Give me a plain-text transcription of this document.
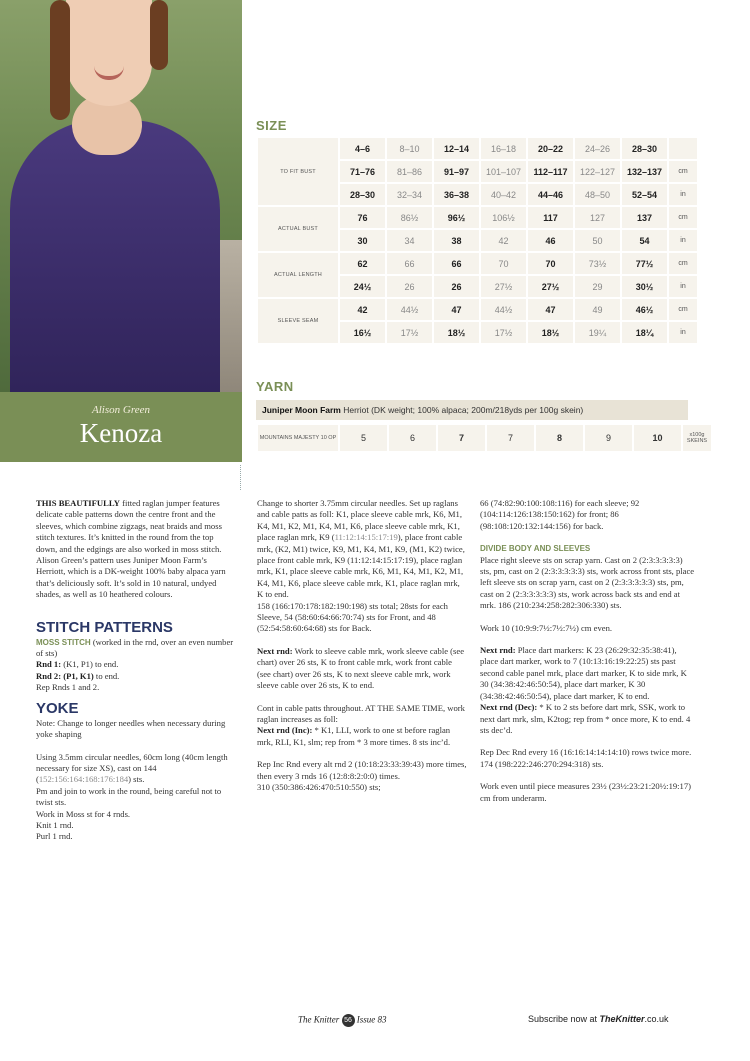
Alison Green
Kenoza
SIZE
TO FIT BUST	4–6	8–10	12–14	16–18	20–22	24–26	28–30	
	71–76	81–86	91–97	101–107	112–117	122–127	132–137	cm
	28–30	32–34	36–38	40–42	44–46	48–50	52–54	in
ACTUAL BUST	76	86½	96½	106½	117	127	137	cm
	30	34	38	42	46	50	54	in
ACTUAL LENGTH	62	66	66	70	70	73½	77½	cm
	24½	26	26	27½	27½	29	30½	in
SLEEVE SEAM	42	44½	47	44½	47	49	46½	cm
	16½	17½	18½	17½	18½	19¼	18¼	in
YARN
Juniper Moon Farm Herriot (DK weight; 100% alpaca; 200m/218yds per 100g skein)
MOUNTAINS MAJESTY 10 OP	5	6	7	7	8	9	10	x100g SKEINS

THIS BEAUTIFULLY fitted raglan jumper features delicate cable patterns down the centre front and the sleeves, which combine zigzags, neat braids and moss stitch textures. It’s knitted in the round from the top down, and the edgings are also worked in moss stitch. Alison Green’s pattern uses Juniper Moon Farm’s Herriott, which is a DK-weight 100% baby alpaca yarn that’s deliciously soft. It’s sold in 10 natural, undyed shades, as well as 10 heathered colours.

STITCH PATTERNS

MOSS STITCH (worked in the rnd, over an even number of sts)

Rnd 1: (K1, P1) to end.

Rnd 2: (P1, K1) to end.

Rep Rnds 1 and 2.

YOKE

Note: Change to longer needles when necessary during yoke shaping

Using 3.5mm circular needles, 60cm long (40cm length necessary for size XS), cast on 144 (152:156:164:168:176:184) sts.

Pm and join to work in the round, being careful not to twist sts.

Work in Moss st for 4 rnds.

Knit 1 rnd.

Purl 1 rnd.

Change to shorter 3.75mm circular needles. Set up raglans and cable patts as foll: K1, place sleeve cable mrk, K6, M1, K4, M1, K2, M1, K4, M1, K6, place sleeve cable mrk, K1, place raglan mrk, K9 (11:12:14:15:17:19), place front cable mrk, (K2, M1) twice, K9, M1, K4, M1, K9, (M1, K2) twice, place front cable mrk, K9 (11:12:14:15:17:19), place raglan mrk, K1, place sleeve cable mrk, K6, M1, K4, M1, K2, M1, K4, M1, K6, place sleeve cable mrk, K1, place raglan mrk, K to end.

158 (166:170:178:182:190:198) sts total; 28sts for each Sleeve, 54 (58:60:64:66:70:74) sts for Front, and 48 (52:54:58:60:64:68) sts for Back.

Next rnd: Work to sleeve cable mrk, work sleeve cable (see chart) over 26 sts, K to front cable mrk, work front cable (see chart) over 26 sts, K to next sleeve cable mrk, work sleeve cable over 26 sts, K to end.

Cont in cable patts throughout. AT THE SAME TIME, work raglan increases as foll:

Next rnd (Inc): * K1, LLI, work to one st before raglan mrk, RLI, K1, slm; rep from * 3 more times. 8 sts inc’d.

Rep Inc Rnd every alt rnd 2 (10:18:23:33:39:43) more times, then every 3 rnds 16 (12:8:8:2:0:0) times.

310 (350:386:426:470:510:550) sts;

66 (74:82:90:100:108:116) for each sleeve; 92 (104:114:126:138:150:162) for front; 86 (98:108:120:132:144:156) for back.

DIVIDE BODY AND SLEEVES

Place right sleeve sts on scrap yarn. Cast on 2 (2:3:3:3:3:3) sts, pm, cast on 2 (2:3:3:3:3:3) sts, work across front sts, place left sleeve sts on scrap yarn, cast on 2 (2:3:3:3:3:3) sts, pm, cast on 2 (2:3:3:3:3:3) sts, work across back sts and end at mrk. 186 (210:234:258:282:306:330) sts.

Work 10 (10:9:9:7½:7½:7½) cm even.

Next rnd: Place dart markers: K 23 (26:29:32:35:38:41), place dart marker, work to 7 (10:13:16:19:22:25) sts past second cable panel mrk, place dart marker, K to side mrk, K 30 (34:38:42:46:50:54), place dart marker, K 30 (34:38:42:46:50:54), place dart marker, K to end.

Next rnd (Dec): * K to 2 sts before dart mrk, SSK, work to next dart mrk, slm, K2tog; rep from * once more, K to end. 4 sts dec’d.

Rep Dec Rnd every 16 (16:16:14:14:14:10) rows twice more. 174 (198:222:246:270:294:318) sts.

Work even until piece measures 23½ (23½:23:21:20½:19:17) cm from underarm.

The Knitter 56 Issue 83	Subscribe now at TheKnitter.co.uk
